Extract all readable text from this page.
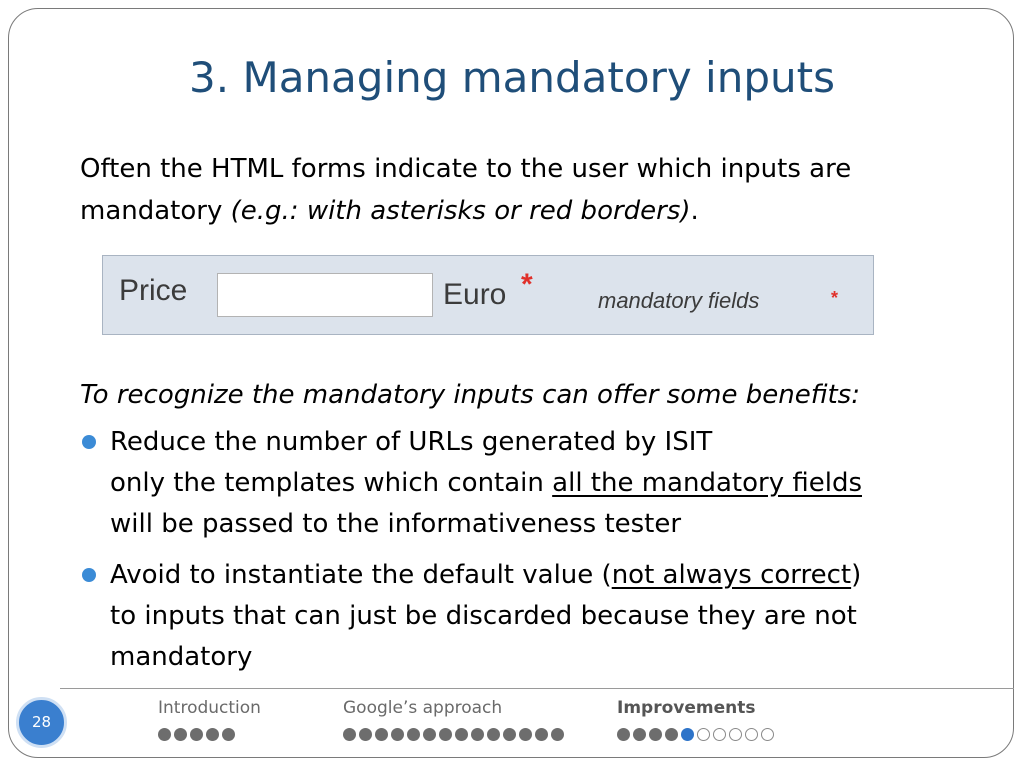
3. Managing mandatory inputs
Often the HTML forms indicate to the user which inputs are
mandatory (e.g.: with asterisks or red borders).
Price	Euro *	mandatory fields	*
To recognize the mandatory inputs can offer some benefits:
Reduce the number of URLs generated by ISIT
only the templates which contain all the mandatory fields
will be passed to the informativeness tester
Avoid to instantiate the default value (not always correct)
to inputs that can just be discarded because they are not
mandatory
28
Introduction	Google’s approach	Improvements
